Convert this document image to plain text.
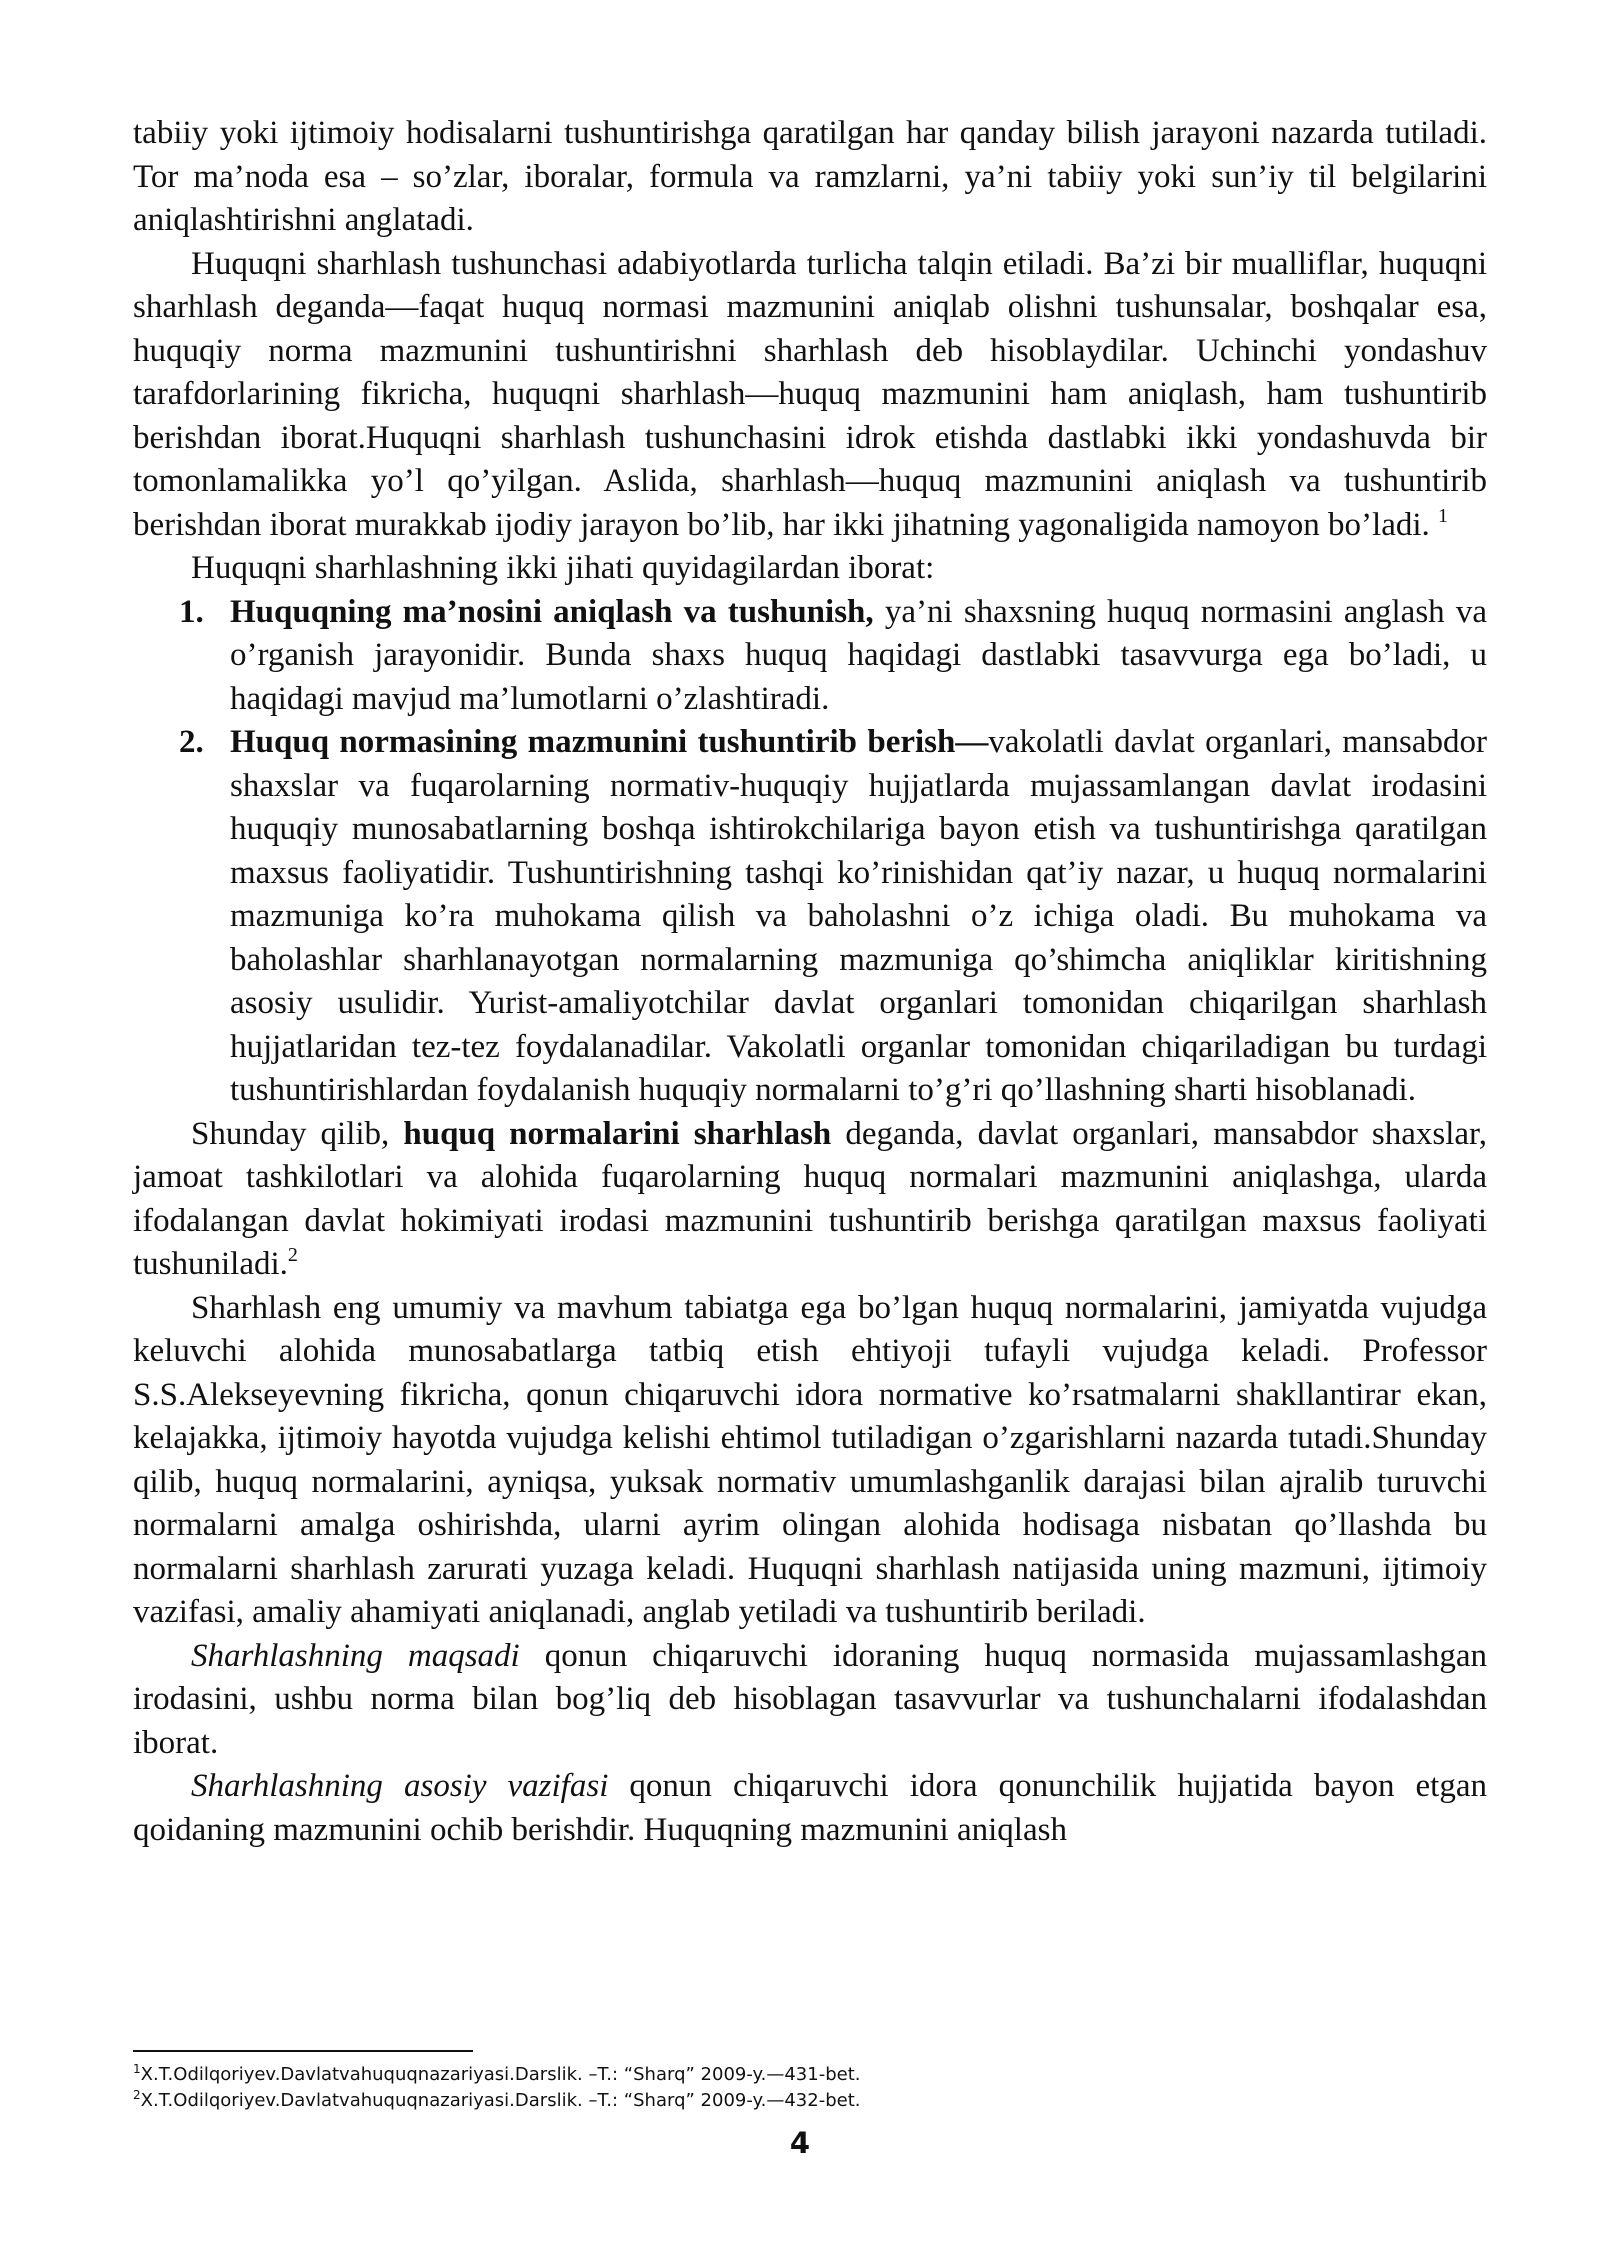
tabiiy yoki ijtimoiy hodisalarni tushuntirishga qaratilgan har qanday bilish jarayoni nazarda tutiladi. Tor ma’noda esa – so’zlar, iboralar, formula va ramzlarni, ya’ni tabiiy yoki sun’iy til belgilarini aniqlashtirishni anglatadi.

Huquqni sharhlash tushunchasi adabiyotlarda turlicha talqin etiladi. Ba’zi bir mualliflar, huquqni sharhlash deganda—faqat huquq normasi mazmunini aniqlab olishni tushunsalar, boshqalar esa, huquqiy norma mazmunini tushuntirishni sharhlash deb hisoblaydilar. Uchinchi yondashuv tarafdorlarining fikricha, huquqni sharhlash—huquq mazmunini ham aniqlash, ham tushuntirib berishdan iborat.Huquqni sharhlash tushunchasini idrok etishda dastlabki ikki yondashuvda bir tomonlamalikka yo’l qo’yilgan. Aslida, sharhlash—huquq mazmunini aniqlash va tushuntirib berishdan iborat murakkab ijodiy jarayon bo’lib, har ikki jihatning yagonaligida namoyon bo’ladi. $^1$

Huquqni sharhlashning ikki jihati quyidagilardan iborat:

1. Huquqning ma’nosini aniqlash va tushunish, ya’ni shaxsning huquq normasini anglash va o’rganish jarayonidir. Bunda shaxs huquq haqidagi dastlabki tasavvurga ega bo’ladi, u haqidagi mavjud ma’lumotlarni o’zlashtiradi.
2. Huquq normasining mazmunini tushuntirib berish—vakolatli davlat organlari, mansabdor shaxslar va fuqarolarning normativ-huquqiy hujjatlarda mujassamlangan davlat irodasini huquqiy munosabatlarning boshqa ishtirokchilariga bayon etish va tushuntirishga qaratilgan maxsus faoliyatidir. Tushuntirishning tashqi ko’rinishidan qat’iy nazar, u huquq normalarini mazmuniga ko’ra muhokama qilish va baholashni o’z ichiga oladi. Bu muhokama va baholashlar sharhlanayotgan normalarning mazmuniga qo’shimcha aniqliklar kiritishning asosiy usulidir. Yurist-amaliyotchilar davlat organlari tomonidan chiqarilgan sharhlash hujjatlaridan tez-tez foydalanadilar. Vakolatli organlar tomonidan chiqariladigan bu turdagi tushuntirishlardan foydalanish huquqiy normalarni to’g’ri qo’llashning sharti hisoblanadi.

Shunday qilib, huquq normalarini sharhlash deganda, davlat organlari, mansabdor shaxslar, jamoat tashkilotlari va alohida fuqarolarning huquq normalari mazmunini aniqlashga, ularda ifodalangan davlat hokimiyati irodasi mazmunini tushuntirib berishga qaratilgan maxsus faoliyati tushuniladi.$^2$

Sharhlash eng umumiy va mavhum tabiatga ega bo’lgan huquq normalarini, jamiyatda vujudga keluvchi alohida munosabatlarga tatbiq etish ehtiyoji tufayli vujudga keladi. Professor S.S.Alekseyevning fikricha, qonun chiqaruvchi idora normative ko’rsatmalarni shakllantirar ekan, kelajakka, ijtimoiy hayotda vujudga kelishi ehtimol tutiladigan o’zgarishlarni nazarda tutadi.Shunday qilib, huquq normalarini, ayniqsa, yuksak normativ umumlashganlik darajasi bilan ajralib turuvchi normalarni amalga oshirishda, ularni ayrim olingan alohida hodisaga nisbatan qo’llashda bu normalarni sharhlash zarurati yuzaga keladi. Huquqni sharhlash natijasida uning mazmuni, ijtimoiy vazifasi, amaliy ahamiyati aniqlanadi, anglab yetiladi va tushuntirib beriladi.

Sharhlashning maqsadi qonun chiqaruvchi idoraning huquq normasida mujassamlashgan irodasini, ushbu norma bilan bog’liq deb hisoblagan tasavvurlar va tushunchalarni ifodalashdan iborat.

Sharhlashning asosiy vazifasi qonun chiqaruvchi idora qonunchilik hujjatida bayon etgan qoidaning mazmunini ochib berishdir. Huquqning mazmunini aniqlash

$^1$X.T.Odilqoriyev.Davlatvahuquqnazariyasi.Darslik. –T.: “Sharq” 2009-y.—431-bet.
$^2$X.T.Odilqoriyev.Davlatvahuquqnazariyasi.Darslik. –T.: “Sharq” 2009-y.—432-bet.
4
